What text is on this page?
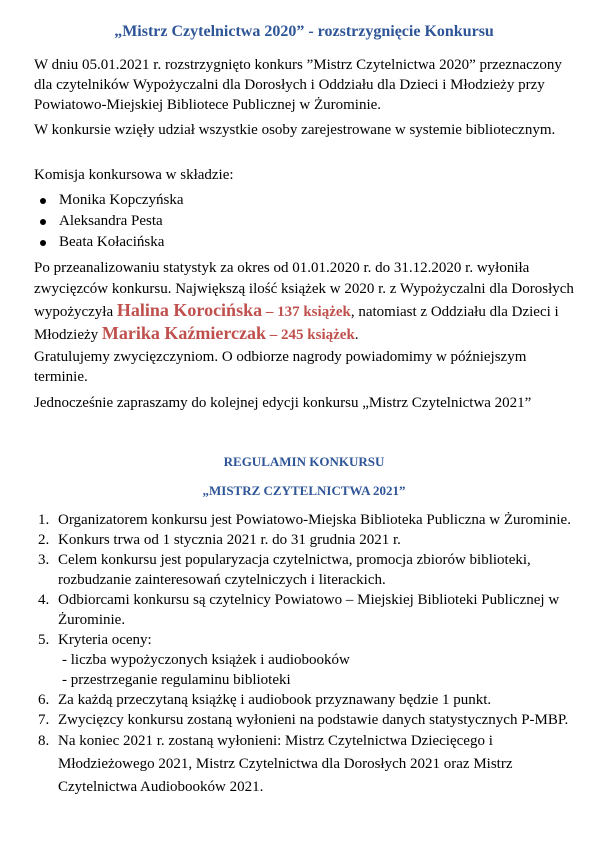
„Mistrz Czytelnictwa 2020” - rozstrzygnięcie Konkursu

W dniu 05.01.2021 r. rozstrzygnięto konkurs ”Mistrz Czytelnictwa 2020” przeznaczony dla czytelników Wypożyczalni dla Dorosłych i Oddziału dla Dzieci i Młodzieży przy Powiatowo-Miejskiej Bibliotece Publicznej w Żurominie.

W konkursie wzięły udział wszystkie osoby zarejestrowane w systemie bibliotecznym.

Komisja konkursowa w składzie:

Monika Kopczyńska
Aleksandra Pesta
Beata Kołacińska

Po przeanalizowaniu statystyk za okres od 01.01.2020 r. do 31.12.2020 r. wyłoniła zwycięzców konkursu. Największą ilość książek w 2020 r. z Wypożyczalni dla Dorosłych wypożyczyła Halina Korocińska – 137 książek, natomiast z Oddziału dla Dzieci i Młodzieży Marika Kaźmierczak – 245 książek.

Gratulujemy zwycięzczyniom. O odbiorze nagrody powiadomimy w późniejszym terminie.

Jednocześnie zapraszamy do kolejnej edycji konkursu „Mistrz Czytelnictwa 2021”

REGULAMIN KONKURSU
„MISTRZ CZYTELNICTWA 2021”
1. Organizatorem konkursu jest Powiatowo-Miejska Biblioteka Publiczna w Żurominie.
2. Konkurs trwa od 1 stycznia 2021 r. do 31 grudnia 2021 r.
3. Celem konkursu jest popularyzacja czytelnictwa, promocja zbiorów biblioteki, rozbudzanie zainteresowań czytelniczych i literackich.
4. Odbiorcami konkursu są czytelnicy Powiatowo – Miejskiej Biblioteki Publicznej w Żurominie.
5. Kryteria oceny:
- liczba wypożyczonych książek i audiobooków
- przestrzeganie regulaminu biblioteki
6. Za każdą przeczytaną książkę i audiobook przyznawany będzie 1 punkt.
7. Zwycięzcy konkursu zostaną wyłonieni na podstawie danych statystycznych P-MBP.
8. Na koniec 2021 r. zostaną wyłonieni: Mistrz Czytelnictwa Dziecięcego i Młodzieżowego 2021, Mistrz Czytelnictwa dla Dorosłych 2021 oraz Mistrz Czytelnictwa Audiobooków 2021.
